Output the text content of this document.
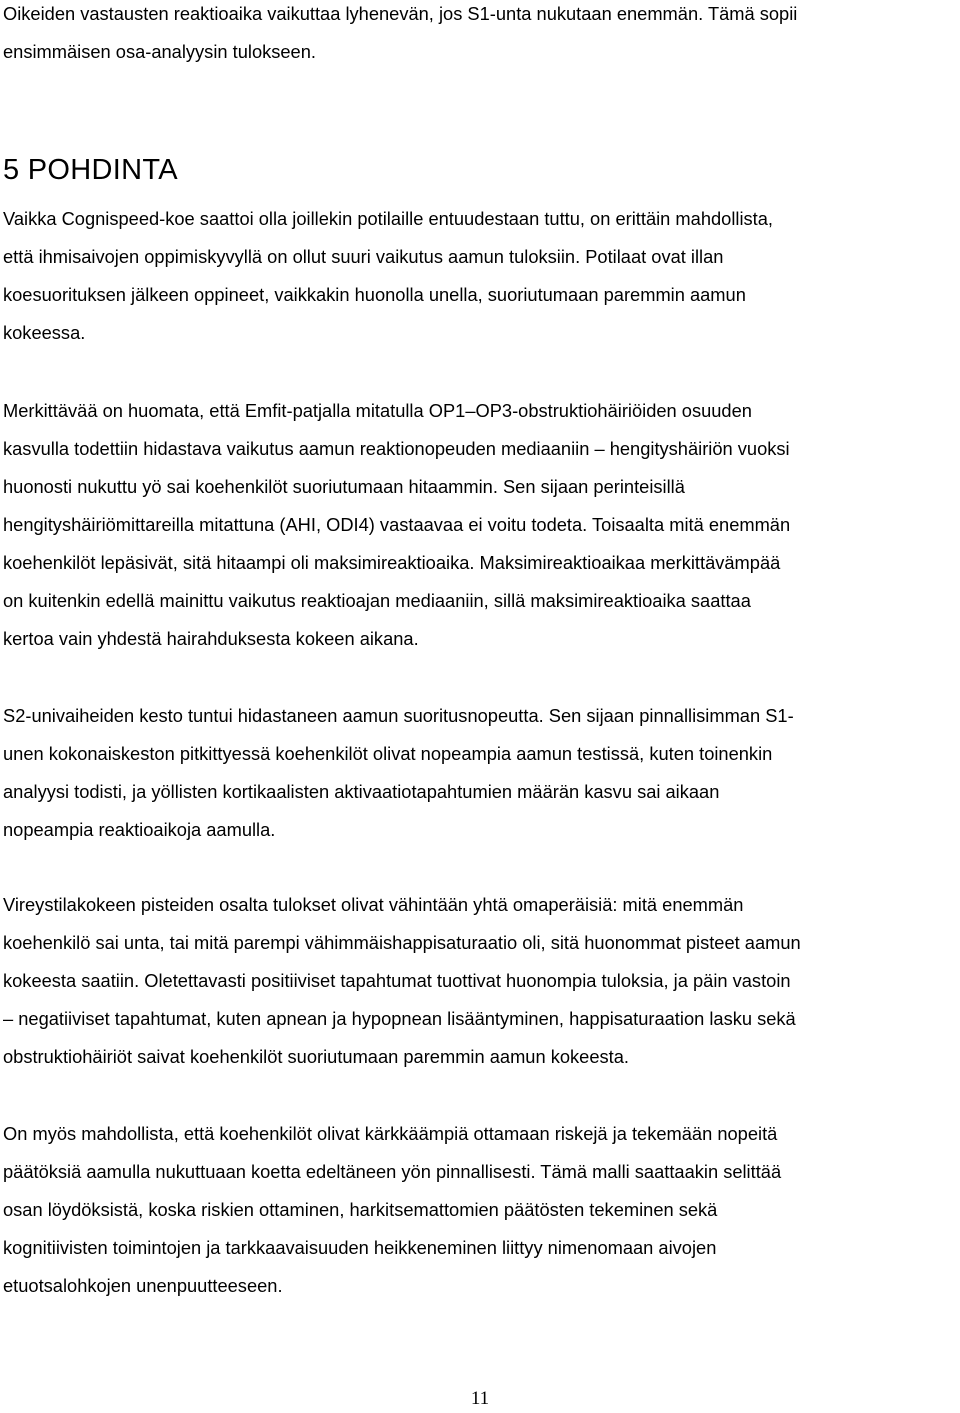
Oikeiden vastausten reaktioaika vaikuttaa lyhenevän, jos S1-unta nukutaan enemmän. Tämä sopii
ensimmäisen osa-analyysin tulokseen.

5 POHDINTA

Vaikka Cognispeed-koe saattoi olla joillekin potilaille entuudestaan tuttu, on erittäin mahdollista,
että ihmisaivojen oppimiskyvyllä on ollut suuri vaikutus aamun tuloksiin. Potilaat ovat illan
koesuorituksen jälkeen oppineet, vaikkakin huonolla unella, suoriutumaan paremmin aamun
kokeessa.

Merkittävää on huomata, että Emfit-patjalla mitatulla OP1–OP3-obstruktiohäiriöiden osuuden
kasvulla todettiin hidastava vaikutus aamun reaktionopeuden mediaaniin – hengityshäiriön vuoksi
huonosti nukuttu yö sai koehenkilöt suoriutumaan hitaammin. Sen sijaan perinteisillä
hengityshäiriömittareilla mitattuna (AHI, ODI4) vastaavaa ei voitu todeta. Toisaalta mitä enemmän
koehenkilöt lepäsivät, sitä hitaampi oli maksimireaktioaika. Maksimireaktioaikaa merkittävämpää
on kuitenkin edellä mainittu vaikutus reaktioajan mediaaniin, sillä maksimireaktioaika saattaa
kertoa vain yhdestä hairahduksesta kokeen aikana.

S2-univaiheiden kesto tuntui hidastaneen aamun suoritusnopeutta. Sen sijaan pinnallisimman S1-
unen kokonaiskeston pitkittyessä koehenkilöt olivat nopeampia aamun testissä, kuten toinenkin
analyysi todisti, ja yöllisten kortikaalisten aktivaatiotapahtumien määrän kasvu sai aikaan
nopeampia reaktioaikoja aamulla.

Vireystilakokeen pisteiden osalta tulokset olivat vähintään yhtä omaperäisiä: mitä enemmän
koehenkilö sai unta, tai mitä parempi vähimmäishappisaturaatio oli, sitä huonommat pisteet aamun
kokeesta saatiin. Oletettavasti positiiviset tapahtumat tuottivat huonompia tuloksia, ja päin vastoin
– negatiiviset tapahtumat, kuten apnean ja hypopnean lisääntyminen, happisaturaation lasku sekä
obstruktiohäiriöt saivat koehenkilöt suoriutumaan paremmin aamun kokeesta.

On myös mahdollista, että koehenkilöt olivat kärkkäämpiä ottamaan riskejä ja tekemään nopeitä
päätöksiä aamulla nukuttuaan koetta edeltäneen yön pinnallisesti. Tämä malli saattaakin selittää
osan löydöksistä, koska riskien ottaminen, harkitsemattomien päätösten tekeminen sekä
kognitiivisten toimintojen ja tarkkaavaisuuden heikkeneminen liittyy nimenomaan aivojen
etuotsalohkojen unenpuutteeseen.

11
